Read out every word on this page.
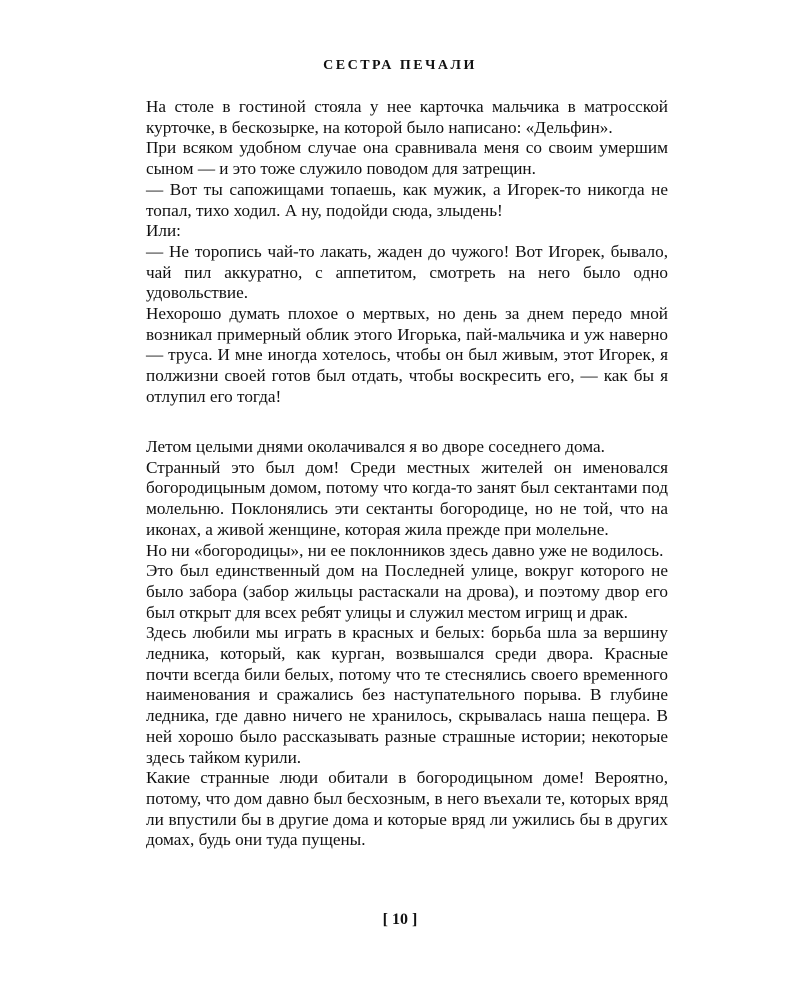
СЕСТРА ПЕЧАЛИ

На столе в гостиной стояла у нее карточка мальчика в матросской курточке, в бескозырке, на которой было написано: «Дельфин».

При всяком удобном случае она сравнивала меня со своим умершим сыном — и это тоже служило поводом для затрещин.

— Вот ты сапожищами топаешь, как мужик, а Игорек-то никогда не топал, тихо ходил. А ну, подойди сюда, злыдень!

Или:

— Не торопись чай-то лакать, жаден до чужого! Вот Игорек, бывало, чай пил аккуратно, с аппетитом, смотреть на него было одно удовольствие.

Нехорошо думать плохое о мертвых, но день за днем передо мной возникал примерный облик этого Игорька, пай-мальчика и уж наверно — труса. И мне иногда хотелось, чтобы он был живым, этот Игорек, я полжизни своей готов был отдать, чтобы воскресить его, — как бы я отлупил его тогда!

Летом целыми днями околачивался я во дворе соседнего дома.

Странный это был дом! Среди местных жителей он именовался богородицыным домом, потому что когда-то занят был сектантами под молельню. Поклонялись эти сектанты богородице, но не той, что на иконах, а живой женщине, которая жила прежде при молельне.

Но ни «богородицы», ни ее поклонников здесь давно уже не водилось.

Это был единственный дом на Последней улице, вокруг которого не было забора (забор жильцы растаскали на дрова), и поэтому двор его был открыт для всех ребят улицы и служил местом игрищ и драк.

Здесь любили мы играть в красных и белых: борьба шла за вершину ледника, который, как курган, возвышался среди двора. Красные почти всегда били белых, потому что те стеснялись своего временного наименования и сражались без наступательного порыва. В глубине ледника, где давно ничего не хранилось, скрывалась наша пещера. В ней хорошо было рассказывать разные страшные истории; некоторые здесь тайком курили.

Какие странные люди обитали в богородицыном доме! Вероятно, потому, что дом давно был бесхозным, в него въехали те, которых вряд ли впустили бы в другие дома и которые вряд ли ужились бы в других домах, будь они туда пущены.

[ 10 ]
